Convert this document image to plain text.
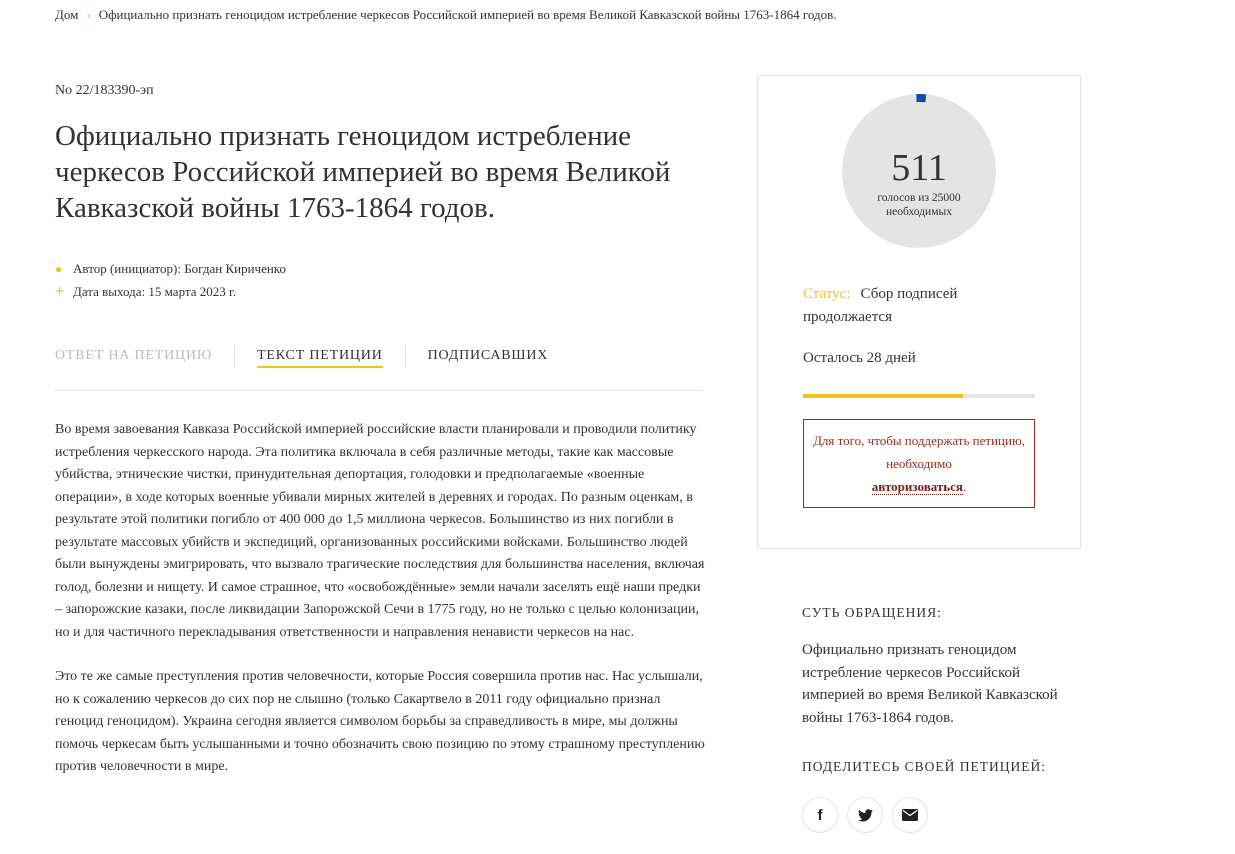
Дом › Официально признать геноцидом истребление черкесов Российской империей во время Великой Кавказской войны 1763-1864 годов.
No 22/183390-эп
Официально признать геноцидом истребление черкесов Российской империей во время Великой Кавказской войны 1763-1864 годов.
● Автор (инициатор): Богдан Кириченко
+ Дата выхода: 15 марта 2023 г.
ОТВЕТ НА ПЕТИЦИЮ	ТЕКСТ ПЕТИЦИИ	ПОДПИСАВШИХ

Во время завоевания Кавказа Российской империей российские власти планировали и проводили политику истребления черкесского народа. Эта политика включала в себя различные методы, такие как массовые убийства, этнические чистки, принудительная депортация, голодовки и предполагаемые «военные операции», в ходе которых военные убивали мирных жителей в деревнях и городах. По разным оценкам, в результате этой политики погибло от 400 000 до 1,5 миллиона черкесов. Большинство из них погибли в результате массовых убийств и экспедиций, организованных российскими войсками. Большинство людей были вынуждены эмигрировать, что вызвало трагические последствия для большинства населения, включая голод, болезни и нищету. И самое страшное, что «освобождённые» земли начали заселять ещё наши предки – запорожские казаки, после ликвидации Запорожской Сечи в 1775 году, но не только с целью колонизации, но и для частичного перекладывания ответственности и направления ненависти черкесов на нас.

Это те же самые преступления против человечности, которые Россия совершила против нас. Нас услышали, но к сожалению черкесов до сих пор не слышно (только Сакартвело в 2011 году официально признал геноцид геноцидом). Украина сегодня является символом борьбы за справедливость в мире, мы должны помочь черкесам быть услышанными и точно обозначить свою позицию по этому страшному преступлению против человечности в мире.

511
голосов из 25000
необходимых
Статус: Сбор подписей продолжается
Осталось 28 дней
Для того, чтобы поддержать петицию, необходимо
авторизоваться.
СУТЬ ОБРАЩЕНИЯ:
Официально признать геноцидом истребление черкесов Российской империей во время Великой Кавказской войны 1763-1864 годов.
ПОДЕЛИТЕСЬ СВОЕЙ ПЕТИЦИЕЙ:
f
